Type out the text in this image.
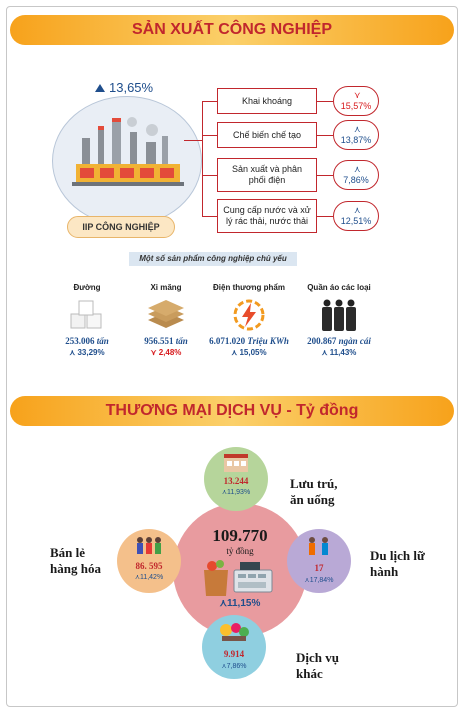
SẢN XUẤT CÔNG NGHIỆP
13,65%
IIP CÔNG NGHIỆP
Khai khoáng
Chế biến chế tạo
Sản xuất và phân phối điện
Cung cấp nước và xử lý rác thải, nước thải
⋎
15,57%
⋏
13,87%
⋏
7,86%
⋏
12,51%
Một số sản phẩm công nghiệp chủ yếu
Đường
253.006 tấn
⋏ 33,29%
Xi măng
956.551 tấn
⋎ 2,48%
Điện thương phẩm
6.071.020 Triệu KWh
⋏ 15,05%
Quần áo các loại
200.867 ngàn cái
⋏ 11,43%
THƯƠNG MẠI DỊCH VỤ - Tỷ đồng
109.770
tỷ đồng
⋏11,15%
13.244
⋏11,93%
Lưu trú, ăn uống
86. 595
⋏11,42%
Bán lẻ hàng hóa	17
⋏17,84%
Du lịch lữ hành
9.914
⋏7,86%
Dịch vụ khác
